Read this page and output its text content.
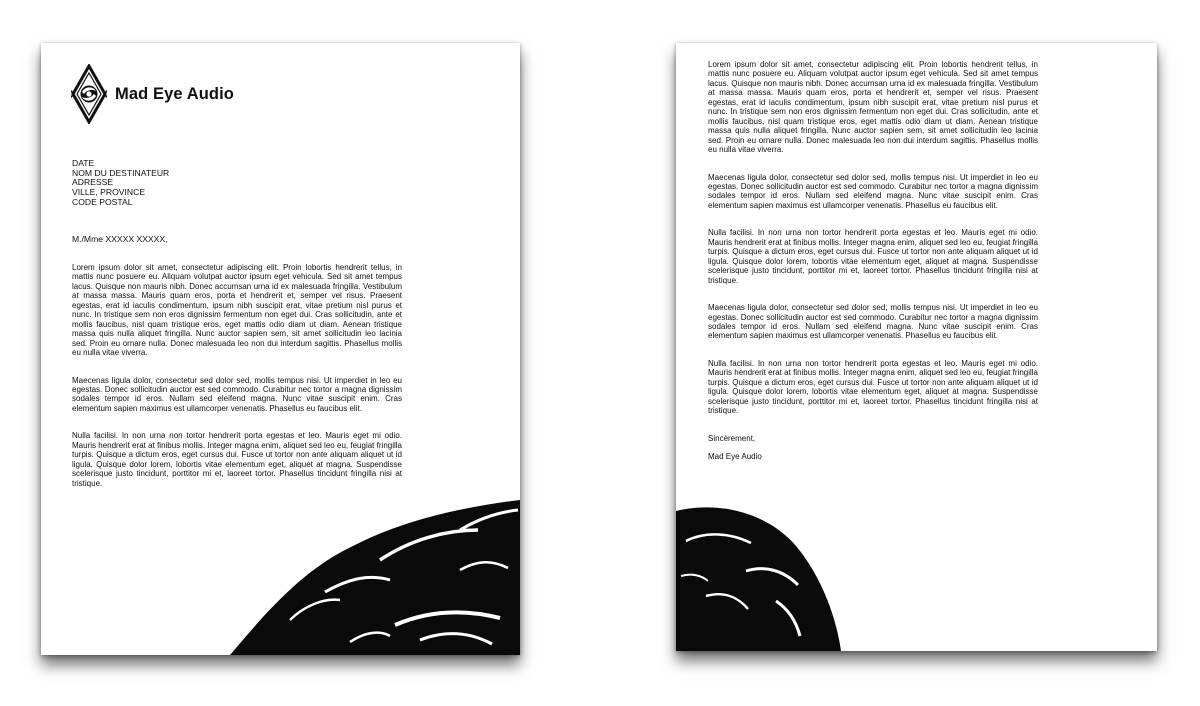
Mad Eye Audio
DATE
NOM DU DESTINATEUR
ADRESSE
VILLE, PROVINCE
CODE POSTAL
M./Mme XXXXX XXXXX,

Lorem ipsum dolor sit amet, consectetur adipiscing elit. Proin lobortis hendrerit tellus, in mattis nunc posuere eu. Aliquam volutpat auctor ipsum eget vehicula. Sed sit amet tempus lacus. Quisque non mauris nibh. Donec accumsan urna id ex malesuada fringilla. Vestibulum at massa massa. Mauris quam eros, porta et hendrerit et, semper vel risus. Praesent egestas, erat id iaculis condimentum, ipsum nibh suscipit erat, vitae pretium nisl purus et nunc. In tristique sem non eros dignissim fermentum non eget dui. Cras sollicitudin, ante et mollis faucibus, nisl quam tristique eros, eget mattis odio diam ut diam. Aenean tristique massa quis nulla aliquet fringilla. Nunc auctor sapien sem, sit amet sollicitudin leo lacinia sed. Proin eu ornare nulla. Donec malesuada leo non dui interdum sagittis. Phasellus mollis eu nulla vitae viverra.

Maecenas ligula dolor, consectetur sed dolor sed, mollis tempus nisi. Ut imperdiet in leo eu egestas. Donec sollicitudin auctor est sed commodo. Curabitur nec tortor a magna dignissim sodales tempor id eros. Nullam sed eleifend magna. Nunc vitae suscipit enim. Cras elementum sapien maximus est ullamcorper venenatis. Phasellus eu faucibus elit.

Nulla facilisi. In non urna non tortor hendrerit porta egestas et leo. Mauris eget mi odio. Mauris hendrerit erat at finibus mollis. Integer magna enim, aliquet sed leo eu, feugiat fringilla turpis. Quisque a dictum eros, eget cursus dui. Fusce ut tortor non ante aliquam aliquet ut id ligula. Quisque dolor lorem, lobortis vitae elementum eget, aliquet at magna. Suspendisse scelerisque justo tincidunt, porttitor mi et, laoreet tortor. Phasellus tincidunt fringilla nisi at tristique.

Lorem ipsum dolor sit amet, consectetur adipiscing elit. Proin lobortis hendrerit tellus, in mattis nunc posuere eu. Aliquam volutpat auctor ipsum eget vehicula. Sed sit amet tempus lacus. Quisque non mauris nibh. Donec accumsan urna id ex malesuada fringilla. Vestibulum at massa massa. Mauris quam eros, porta et hendrerit et, semper vel risus. Praesent egestas, erat id iaculis condimentum, ipsum nibh suscipit erat, vitae pretium nisl purus et nunc. In tristique sem non eros dignissim fermentum non eget dui. Cras sollicitudin, ante et mollis faucibus, nisl quam tristique eros, eget mattis odio diam ut diam. Aenean tristique massa quis nulla aliquet fringilla. Nunc auctor sapien sem, sit amet sollicitudin leo lacinia sed. Proin eu ornare nulla. Donec malesuada leo non dui interdum sagittis. Phasellus mollis eu nulla vitae viverra.

Maecenas ligula dolor, consectetur sed dolor sed, mollis tempus nisi. Ut imperdiet in leo eu egestas. Donec sollicitudin auctor est sed commodo. Curabitur nec tortor a magna dignissim sodales tempor id eros. Nullam sed eleifend magna. Nunc vitae suscipit enim. Cras elementum sapien maximus est ullamcorper venenatis. Phasellus eu faucibus elit.

Nulla facilisi. In non urna non tortor hendrerit porta egestas et leo. Mauris eget mi odio. Mauris hendrerit erat at finibus mollis. Integer magna enim, aliquet sed leo eu, feugiat fringilla turpis. Quisque a dictum eros, eget cursus dui. Fusce ut tortor non ante aliquam aliquet ut id ligula. Quisque dolor lorem, lobortis vitae elementum eget, aliquet at magna. Suspendisse scelerisque justo tincidunt, porttitor mi et, laoreet tortor. Phasellus tincidunt fringilla nisi at tristique.

Maecenas ligula dolor, consectetur sed dolor sed, mollis tempus nisi. Ut imperdiet in leo eu egestas. Donec sollicitudin auctor est sed commodo. Curabitur nec tortor a magna dignissim sodales tempor id eros. Nullam sed eleifend magna. Nunc vitae suscipit enim. Cras elementum sapien maximus est ullamcorper venenatis. Phasellus eu faucibus elit.

Nulla facilisi. In non urna non tortor hendrerit porta egestas et leo. Mauris eget mi odio. Mauris hendrerit erat at finibus mollis. Integer magna enim, aliquet sed leo eu, feugiat fringilla turpis. Quisque a dictum eros, eget cursus dui. Fusce ut tortor non ante aliquam aliquet ut id ligula. Quisque dolor lorem, lobortis vitae elementum eget, aliquet at magna. Suspendisse scelerisque justo tincidunt, porttitor mi et, laoreet tortor. Phasellus tincidunt fringilla nisi at tristique.

Sincèrement,

Mad Eye Audio
